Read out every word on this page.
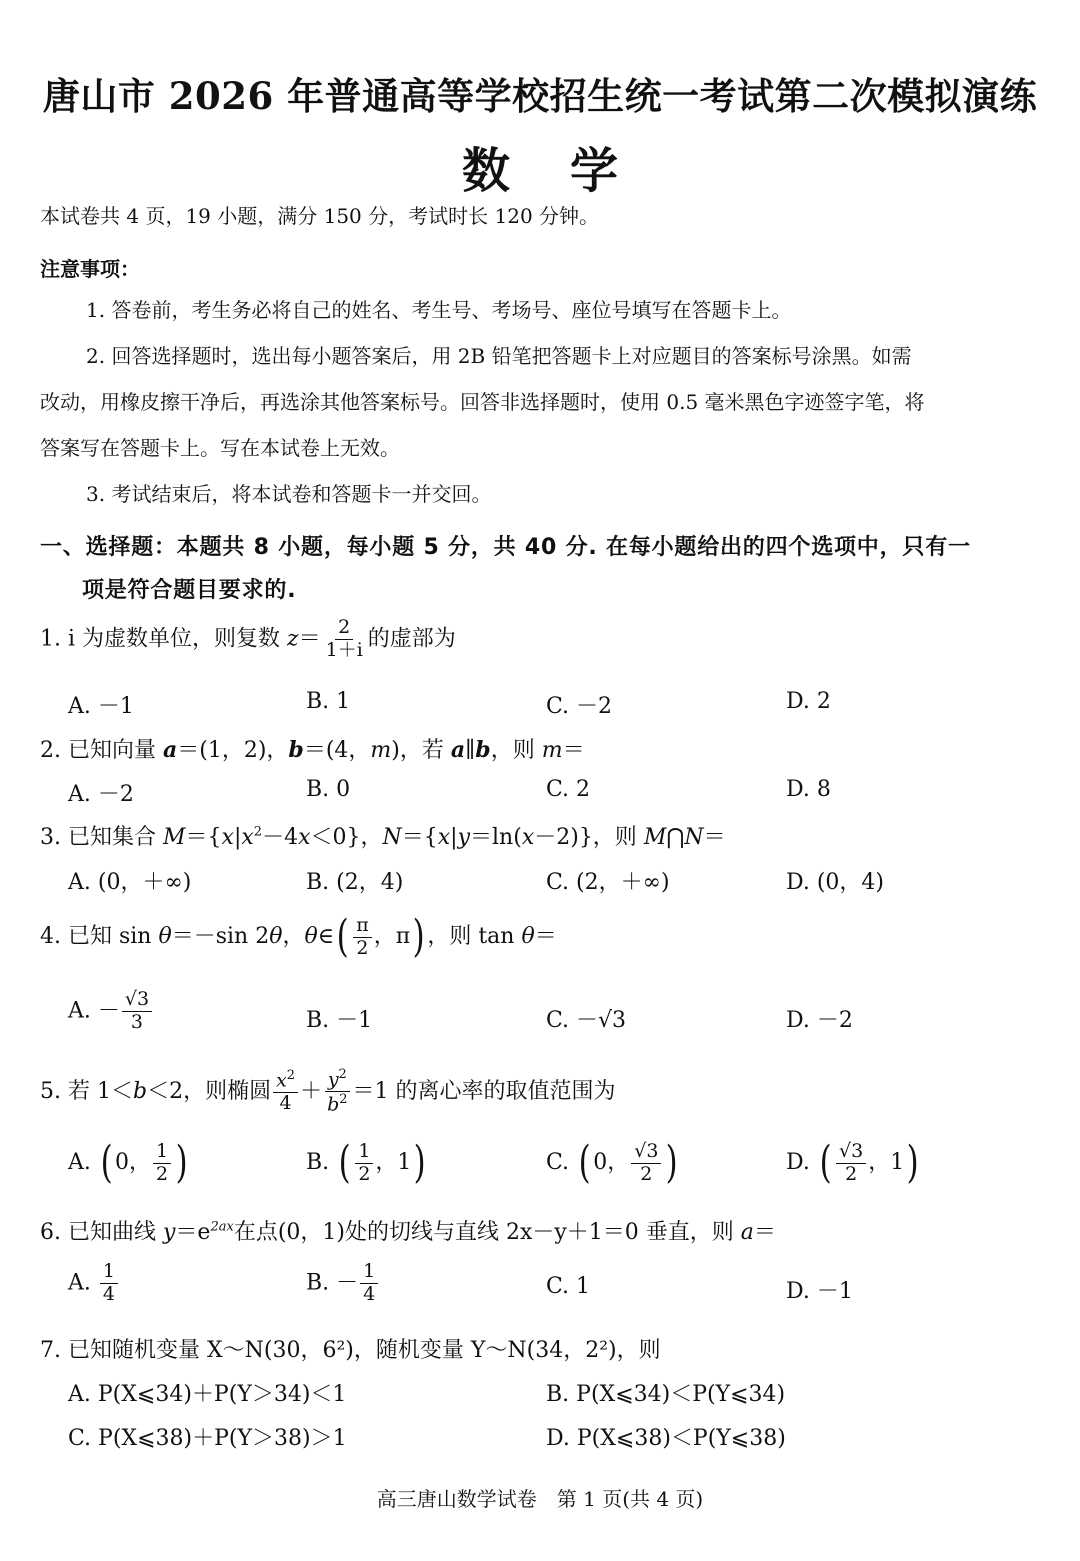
唐山市 2026 年普通高等学校招生统一考试第二次模拟演练
数学
本试卷共 4 页，19 小题，满分 150 分，考试时长 120 分钟。
注意事项：
1. 答卷前，考生务必将自己的姓名、考生号、考场号、座位号填写在答题卡上。
2. 回答选择题时，选出每小题答案后，用 2B 铅笔把答题卡上对应题目的答案标号涂黑。如需
改动，用橡皮擦干净后，再选涂其他答案标号。回答非选择题时，使用 0.5 毫米黑色字迹签字笔，将
答案写在答题卡上。写在本试卷上无效。
3. 考试结束后，将本试卷和答题卡一并交回。
一、选择题：本题共 8 小题，每小题 5 分，共 40 分. 在每小题给出的四个选项中，只有一
项是符合题目要求的.
1. i 为虚数单位，则复数 $z= \frac{2}{1+i}$ 的虚部为
A. －1	B. 1	C. －2	D. 2
2. 已知向量 a＝(1，2)，b＝(4，m)，若 a∥b，则 m＝
A. －2	B. 0	C. 2	D. 8
3. 已知集合 $M=\{x|x^2-4x<0\}$，N＝{x|y＝ln(x－2)}，则 M⋂N＝
A. (0，＋∞)	B. (2，4)	C. (2，＋∞)	D. (0，4)
4. 已知 sin θ＝－sin 2θ，θ∈( $\frac{\pi}{2}$ ，π) ，则 tan θ＝
A. － $\frac{√3}{3}$	B. －1	C. －√3	D. －2
5. 若 1＜b＜2，则椭圆 $\frac{x^2}{4} + \frac{y^2}{b^2} =1$ 的离心率的取值范围为
A. ( 0， $\frac{1}{2}$ )	B. ( $\frac{1}{2}$ ，1)	C. ( 0， $\frac{√3}{2}$ )	D. ( $\frac{√3}{2}$ ，1)
6. 已知曲线 $y=e^{2ax}$在点(0，1)处的切线与直线 2x－y＋1＝0 垂直，则 a＝
A. $\frac{1}{4}$	B. － $\frac{1}{4}$	C. 1	D. －1
7. 已知随机变量 X～N(30，6²)，随机变量 Y～N(34，2²)，则
A. P(X⩽34)＋P(Y＞34)＜1	B. P(X⩽34)＜P(Y⩽34)
C. P(X⩽38)＋P(Y＞38)＞1	D. P(X⩽38)＜P(Y⩽38)
高三唐山数学试卷　第 1 页(共 4 页)
